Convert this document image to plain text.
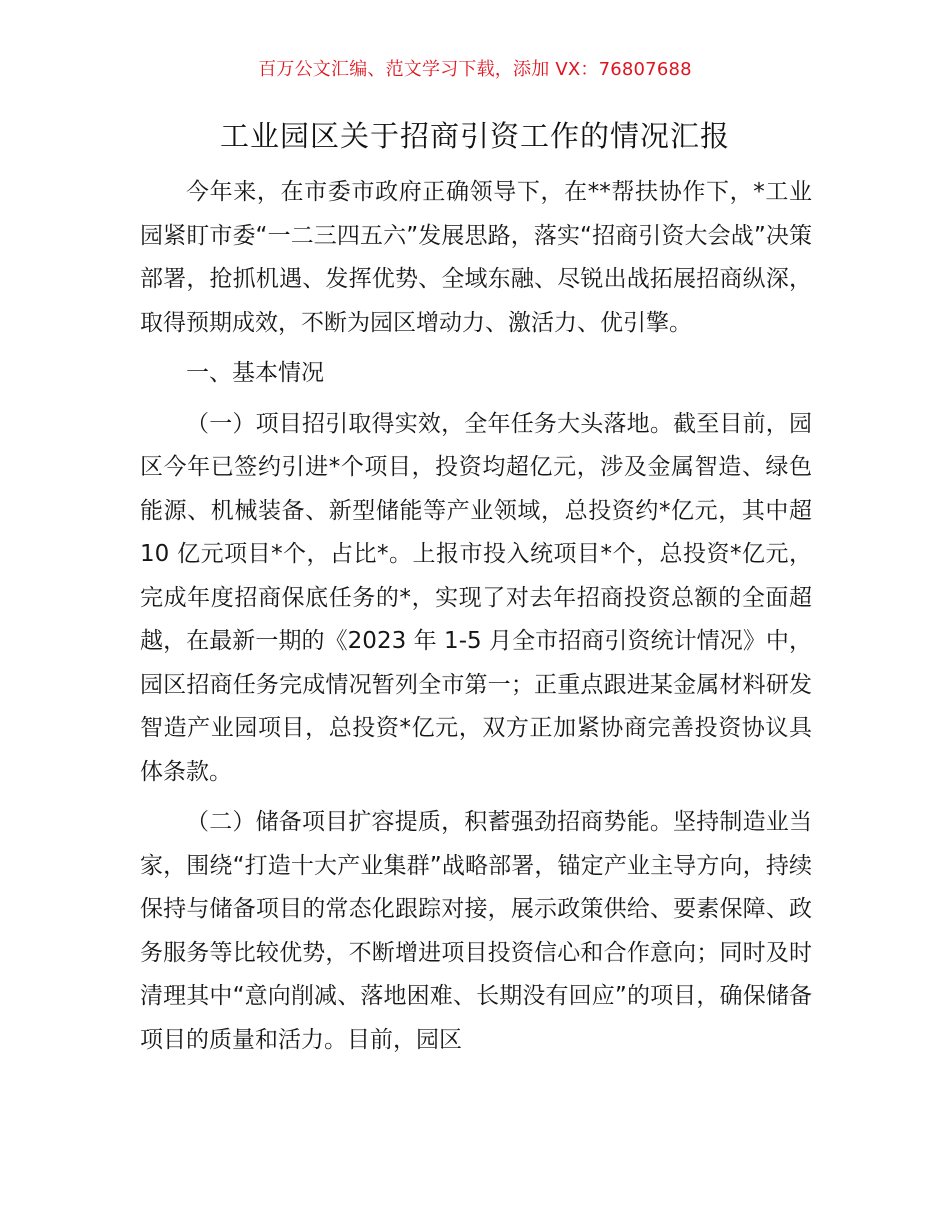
百万公文汇编、范文学习下载，添加 VX：76807688
工业园区关于招商引资工作的情况汇报

今年来，在市委市政府正确领导下，在**帮扶协作下，*工业园紧盯市委“一二三四五六”发展思路，落实“招商引资大会战”决策部署，抢抓机遇、发挥优势、全域东融、尽锐出战拓展招商纵深，取得预期成效，不断为园区增动力、激活力、优引擎。

一、基本情况

（一）项目招引取得实效，全年任务大头落地。截至目前，园区今年已签约引进*个项目，投资均超亿元，涉及金属智造、绿色能源、机械装备、新型储能等产业领域，总投资约*亿元，其中超 10 亿元项目*个，占比*。上报市投入统项目*个，总投资*亿元，完成年度招商保底任务的*，实现了对去年招商投资总额的全面超越，在最新一期的《2023 年 1-5 月全市招商引资统计情况》中，园区招商任务完成情况暂列全市第一；正重点跟进某金属材料研发智造产业园项目，总投资*亿元，双方正加紧协商完善投资协议具体条款。

（二）储备项目扩容提质，积蓄强劲招商势能。坚持制造业当家，围绕“打造十大产业集群”战略部署，锚定产业主导方向，持续保持与储备项目的常态化跟踪对接，展示政策供给、要素保障、政务服务等比较优势，不断增进项目投资信心和合作意向；同时及时清理其中“意向削减、落地困难、长期没有回应”的项目，确保储备项目的质量和活力。目前，园区
